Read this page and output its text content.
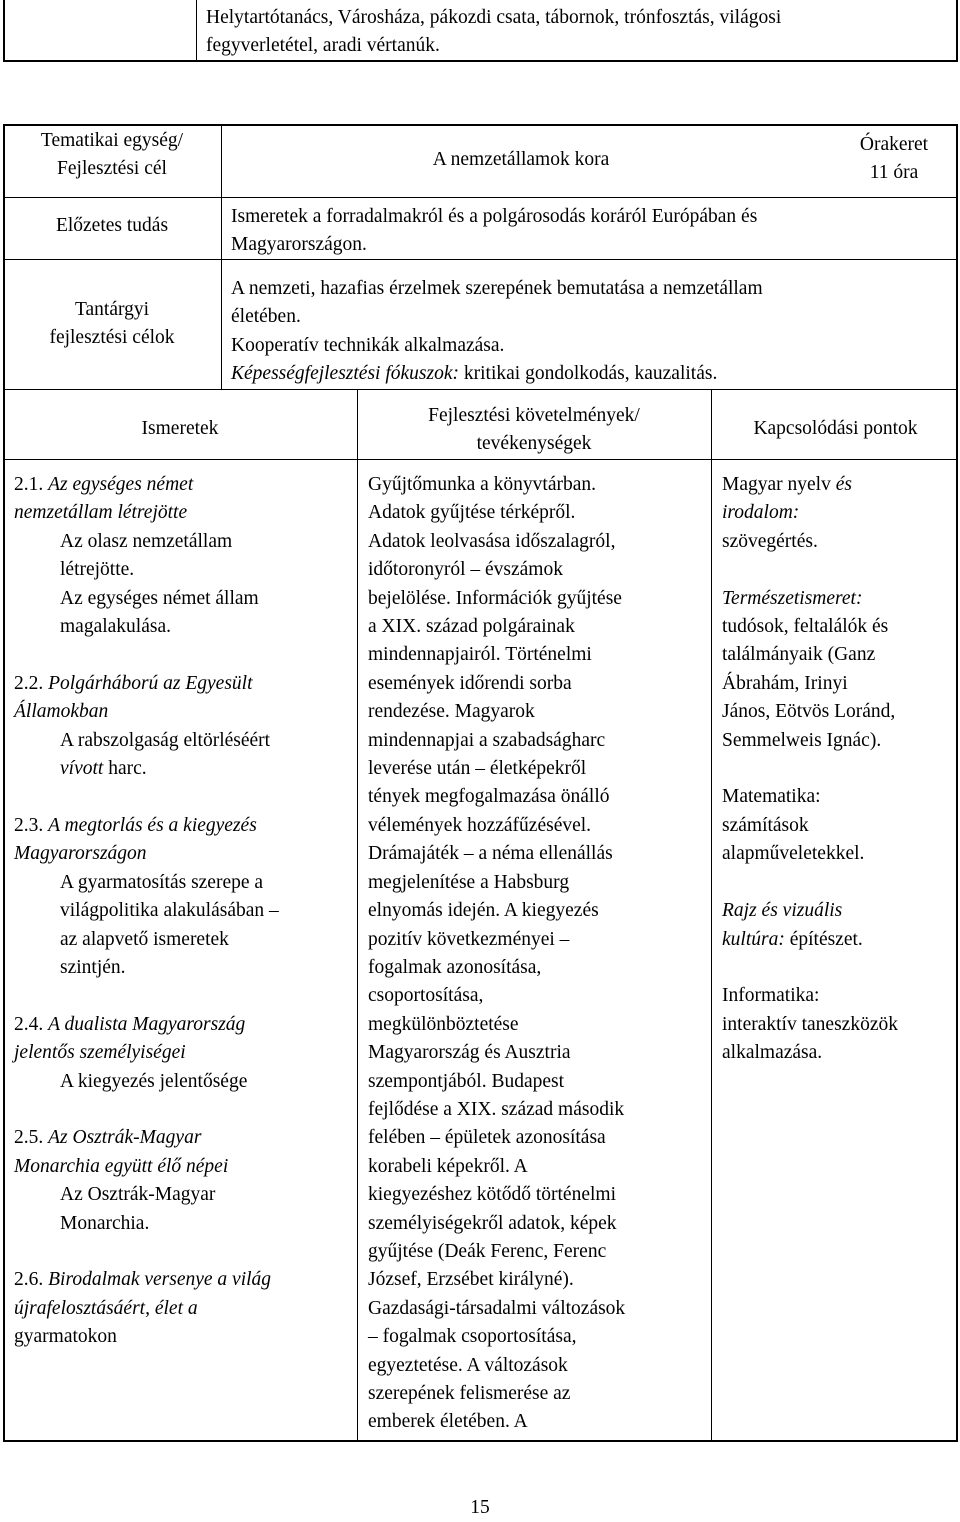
Helytartótanács, Városháza, pákozdi csata, tábornok, trónfosztás, világosi
fegyverletétel, aradi vértanúk.
Tematikai egység/
Fejlesztési cél
Előzetes tudás
Tantárgyi
fejlesztési célok
A nemzetállamok kora
Órakeret
11 óra
Ismeretek a forradalmakról és a polgárosodás koráról Európában és
Magyarországon.
A nemzeti, hazafias érzelmek szerepének bemutatása a nemzetállam
életében.
Kooperatív technikák alkalmazása.
Képességfejlesztési fókuszok: kritikai gondolkodás, kauzalitás.
Ismeretek
Fejlesztési követelmények/
tevékenységek
Kapcsolódási pontok
2.1. Az egységes német
nemzetállam létrejötte
Az olasz nemzetállam
létrejötte.
Az egységes német állam
magalakulása.

2.2. Polgárháború az Egyesült
Államokban
A rabszolgaság eltörléséért
vívott harc.

2.3. A megtorlás és a kiegyezés
Magyarországon
A gyarmatosítás szerepe a
világpolitika alakulásában –
az alapvető ismeretek
szintjén.

2.4. A dualista Magyarország
jelentős személyiségei
A kiegyezés jelentősége

2.5. Az Osztrák-Magyar
Monarchia együtt élő népei
Az Osztrák-Magyar
Monarchia.

2.6. Birodalmak versenye a világ
újrafelosztásáért, élet a
gyarmatokon
Gyűjtőmunka a könyvtárban.
Adatok gyűjtése térképről.
Adatok leolvasása időszalagról,
időtoronyról – évszámok
bejelölése. Információk gyűjtése
a XIX. század polgárainak
mindennapjairól. Történelmi
események időrendi sorba
rendezése. Magyarok
mindennapjai a szabadságharc
leverése után – életképekről
tények megfogalmazása önálló
vélemények hozzáfűzésével.
Drámajáték – a néma ellenállás
megjelenítése a Habsburg
elnyomás idején. A kiegyezés
pozitív következményei –
fogalmak azonosítása,
csoportosítása,
megkülönböztetése
Magyarország és Ausztria
szempontjából. Budapest
fejlődése a XIX. század második
felében – épületek azonosítása
korabeli képekről. A
kiegyezéshez kötődő történelmi
személyiségekről adatok, képek
gyűjtése (Deák Ferenc, Ferenc
József, Erzsébet királyné).
Gazdasági-társadalmi változások
– fogalmak csoportosítása,
egyeztetése. A változások
szerepének felismerése az
emberek életében. A
Magyar nyelv és
irodalom:
szövegértés.

Természetismeret:
tudósok, feltalálók és
találmányaik (Ganz
Ábrahám, Irinyi
János, Eötvös Loránd,
Semmelweis Ignác).

Matematika:
számítások
alapműveletekkel.

Rajz és vizuális
kultúra: építészet.

Informatika:
interaktív taneszközök
alkalmazása.
15
